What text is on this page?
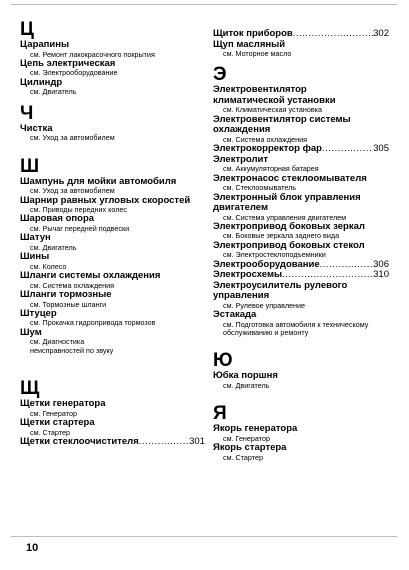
Ц
Царапины
см. Ремонт лакокрасочного покрытия
Цепь электрическая
см. Электрооборудование
Цилиндр
см. Двигатель
Ч
Чистка
см. Уход за автомобилем
Ш
Шампунь для мойки автомобиля
см. Уход за автомобилем
Шарнир равных угловых скоростей
см. Приводы передних колес
Шаровая опора
см. Рычаг передней подвески
Шатун
см. Двигатель
Шины
см. Колесо
Шланги системы охлаждения
см. Система охлаждения
Шланги тормозные
см. Тормозные шланги
Штуцер
см. Прокачка гидропривода тормозов
Шум
см. Диагностика неисправностей по звуку
Щ
Щетки генератора
см. Генератор
Щетки стартера
см. Стартер
Щетки стеклоочистителя .....	301
Щиток приборов .....	302
Щуп масляный
см. Моторное масло
Э
Электровентилятор климатической установки
см. Климатическая установка
Электровентилятор системы охлаждения
см. Система охлаждения
Электрокорректор фар .....	305
Электролит
см. Аккумуляторная батарея
Электронасос стеклоомывателя
см. Стеклоомыватель
Электронный блок управления двигателем
см. Система управления двигателем
Электропривод боковых зеркал
см. Боковые зеркала заднего вида
Электропривод боковых стекол
см. Электростеклоподъемники
Электрооборудование .....	306
Электросхемы .....	310
Электроусилитель рулевого управления
см. Рулевое управление
Эстакада
см. Подготовка автомобиля к техническому обслуживанию и ремонту
Ю
Юбка поршня
см. Двигатель
Я
Якорь генератора
см. Генератор
Якорь стартера
см. Стартер
10
